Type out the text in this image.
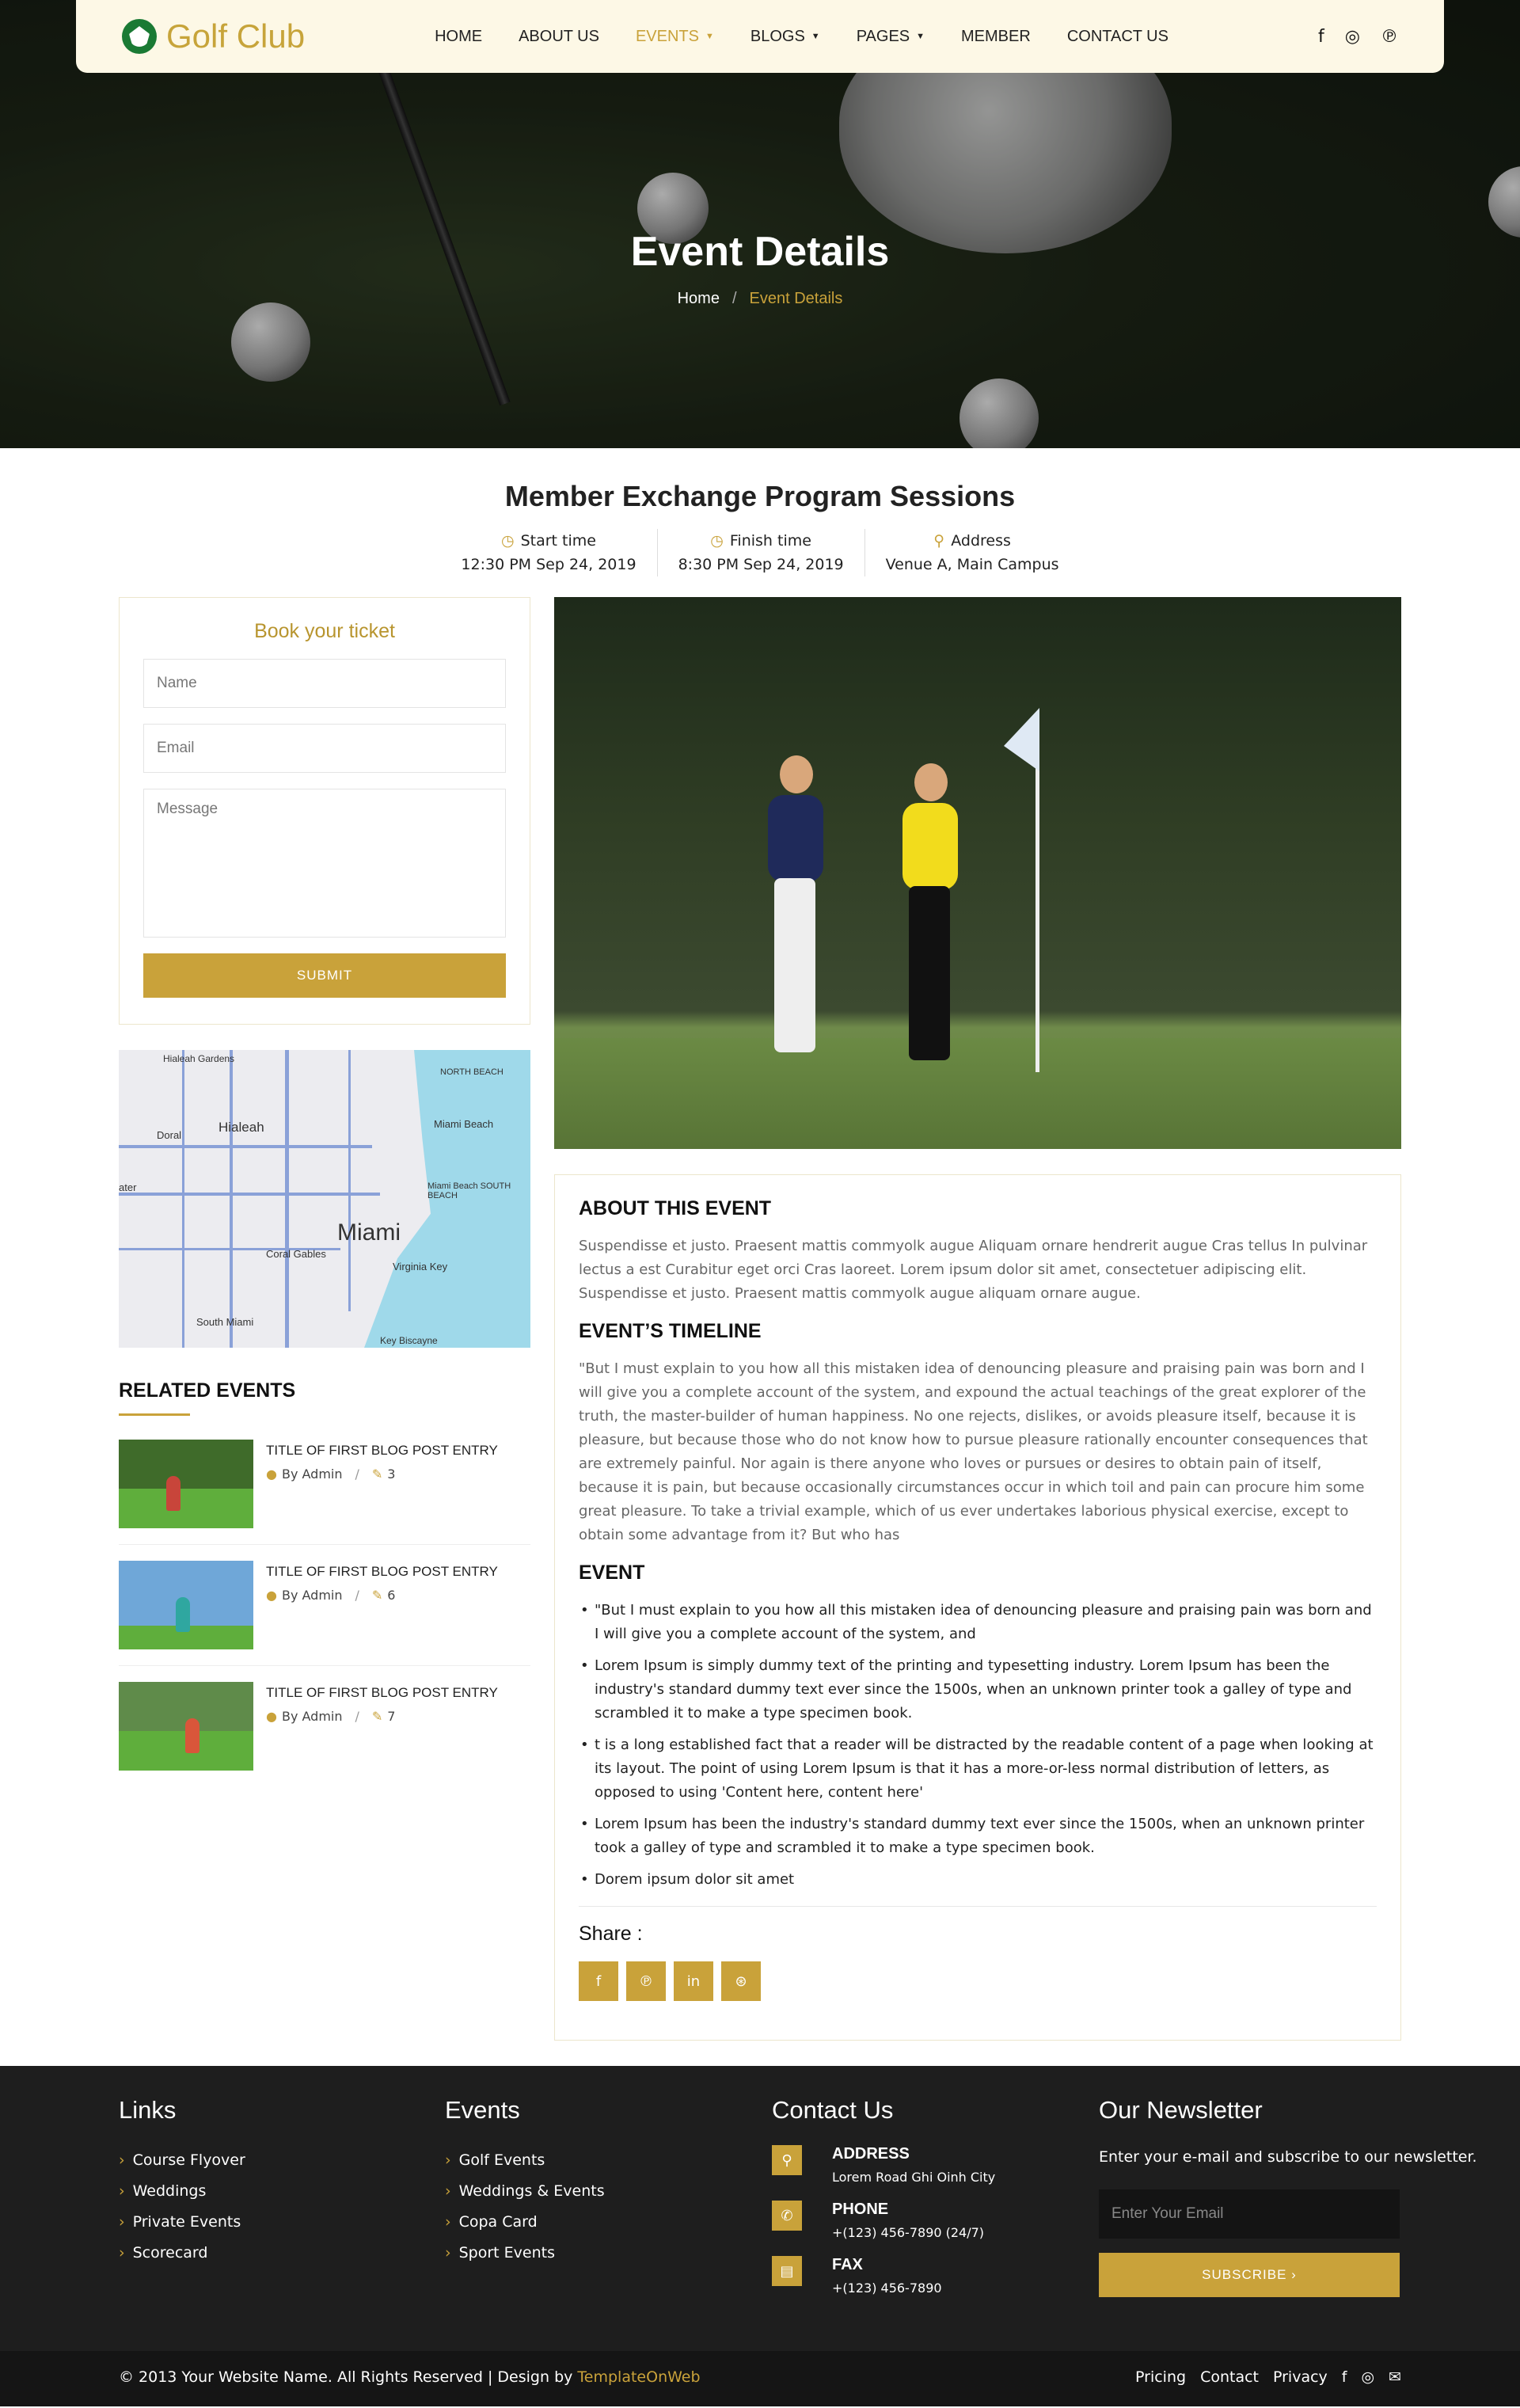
Golf Club	HOME ABOUT US EVENTS ▼ BLOGS ▼ PAGES ▼ MEMBER CONTACT US	f ◎ ℗
Event Details
Home / Event Details
Member Exchange Program Sessions
◷ Start time
12:30 PM Sep 24, 2019
◷ Finish time
8:30 PM Sep 24, 2019
⚲ Address
Venue A, Main Campus
Book your ticket
Name
Email
Message
SUBMIT
Hialeah Gardens
Hialeah
Doral
Miami
Coral Gables
NORTH BEACH
Miami Beach
Miami Beach SOUTH BEACH
Virginia Key
South Miami
Key Biscayne
ater
RELATED EVENTS
TITLE OF FIRST BLOG POST ENTRY
● By Admin / ✎ 3
TITLE OF FIRST BLOG POST ENTRY
● By Admin / ✎ 6
TITLE OF FIRST BLOG POST ENTRY
● By Admin / ✎ 7
ABOUT THIS EVENT

Suspendisse et justo. Praesent mattis commyolk augue Aliquam ornare hendrerit augue Cras tellus In pulvinar lectus a est Curabitur eget orci Cras laoreet. Lorem ipsum dolor sit amet, consectetuer adipiscing elit. Suspendisse et justo. Praesent mattis commyolk augue aliquam ornare augue.

EVENT’S TIMELINE

"But I must explain to you how all this mistaken idea of denouncing pleasure and praising pain was born and I will give you a complete account of the system, and expound the actual teachings of the great explorer of the truth, the master-builder of human happiness. No one rejects, dislikes, or avoids pleasure itself, because it is pleasure, but because those who do not know how to pursue pleasure rationally encounter consequences that are extremely painful. Nor again is there anyone who loves or pursues or desires to obtain pain of itself, because it is pain, but because occasionally circumstances occur in which toil and pain can procure him some great pleasure. To take a trivial example, which of us ever undertakes laborious physical exercise, except to obtain some advantage from it? But who has

EVENT
• "But I must explain to you how all this mistaken idea of denouncing pleasure and praising pain was born and I will give you a complete account of the system, and
• Lorem Ipsum is simply dummy text of the printing and typesetting industry. Lorem Ipsum has been the industry's standard dummy text ever since the 1500s, when an unknown printer took a galley of type and scrambled it to make a type specimen book.
• t is a long established fact that a reader will be distracted by the readable content of a page when looking at its layout. The point of using Lorem Ipsum is that it has a more-or-less normal distribution of letters, as opposed to using 'Content here, content here'
• Lorem Ipsum has been the industry's standard dummy text ever since the 1500s, when an unknown printer took a galley of type and scrambled it to make a type specimen book.
• Dorem ipsum dolor sit amet
Share :
f	℗	in	⊛
Links
› Course Flyover
› Weddings
› Private Events
› Scorecard
Events
› Golf Events
› Weddings & Events
› Copa Card
› Sport Events
Contact Us
⚲	ADDRESS
Lorem Road Ghi Oinh City
✆	PHONE
+(123) 456-7890 (24/7)
▤	FAX
+(123) 456-7890
Our Newsletter
Enter your e-mail and subscribe to our newsletter.
Enter Your Email
SUBSCRIBE ›
© 2013 Your Website Name. All Rights Reserved | Design by TemplateOnWeb	Pricing Contact Privacy f ◎ ✉
